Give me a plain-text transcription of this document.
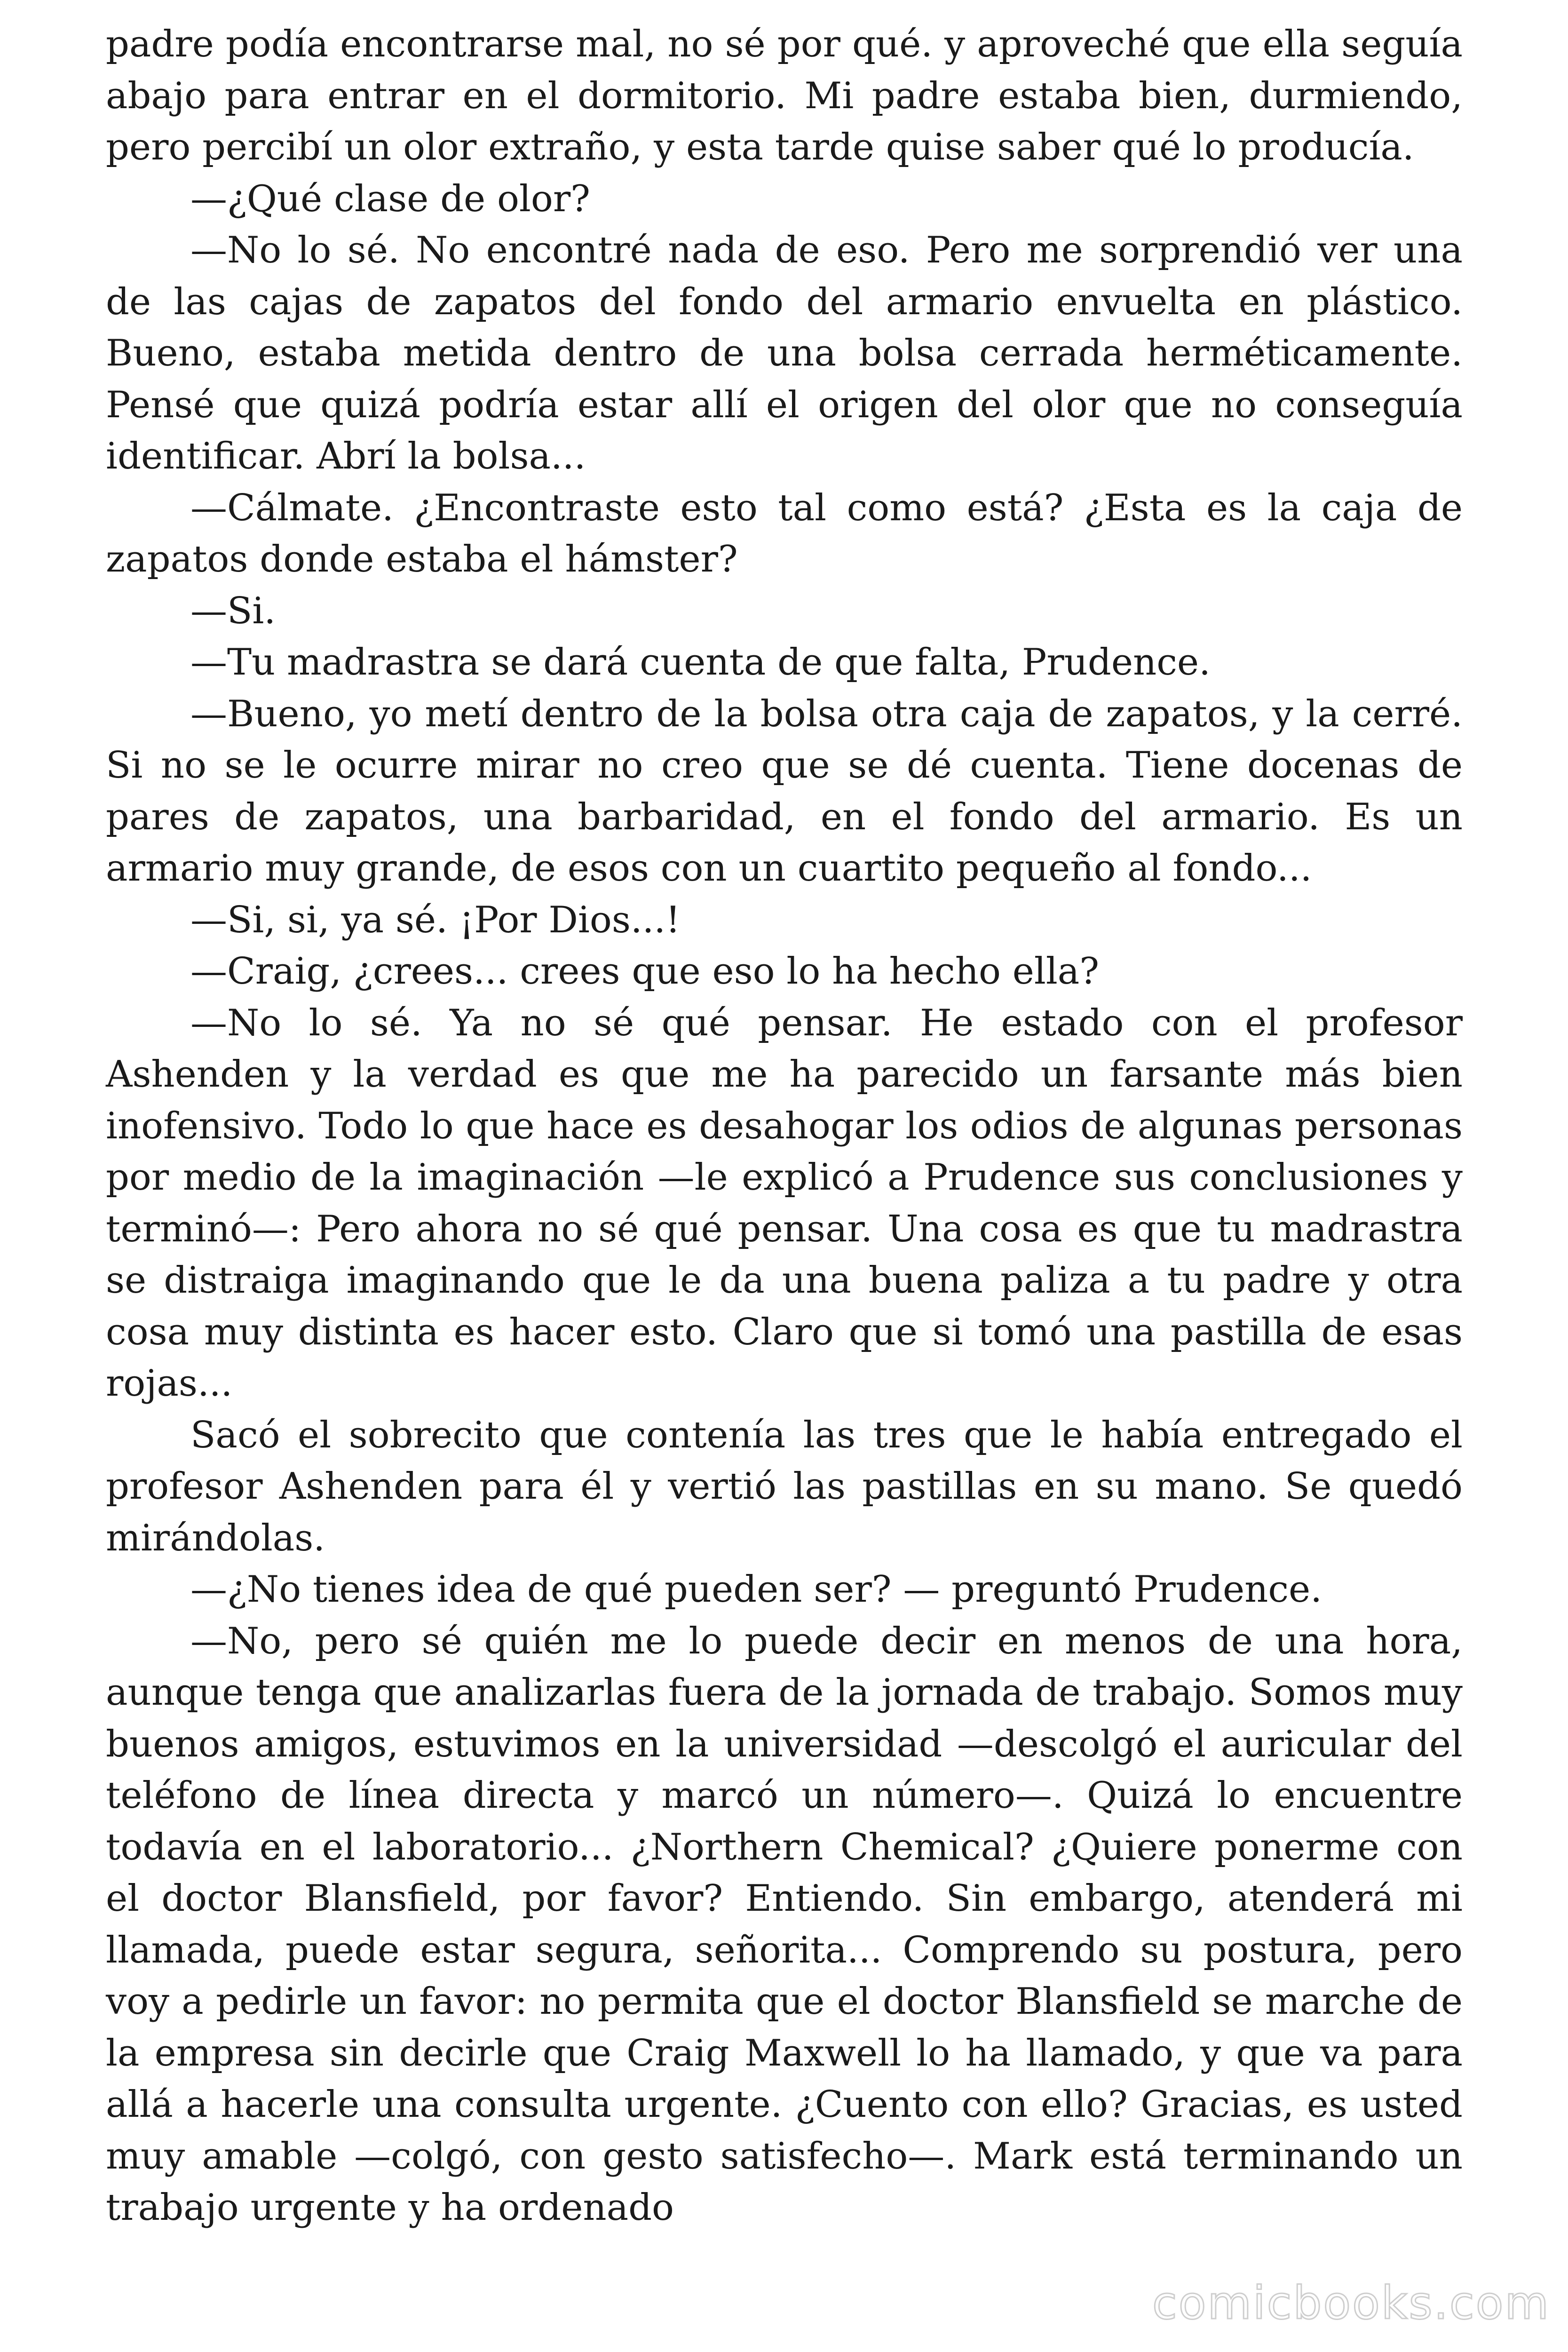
padre podía encontrarse mal, no sé por qué. y aproveché que ella seguía abajo para entrar en el dormitorio. Mi padre estaba bien, durmiendo, pero percibí un olor extraño, y esta tarde quise saber qué lo producía.

—¿Qué clase de olor?

—No lo sé. No encontré nada de eso. Pero me sorprendió ver una de las cajas de zapatos del fondo del armario envuelta en plástico. Bueno, estaba metida dentro de una bolsa cerrada herméticamente. Pensé que quizá podría estar allí el origen del olor que no conseguía identificar. Abrí la bolsa...

—Cálmate. ¿Encontraste esto tal como está? ¿Esta es la caja de zapatos donde estaba el hámster?

—Si.

—Tu madrastra se dará cuenta de que falta, Prudence.

—Bueno, yo metí dentro de la bolsa otra caja de zapatos, y la cerré. Si no se le ocurre mirar no creo que se dé cuenta. Tiene docenas de pares de zapatos, una barbaridad, en el fondo del armario. Es un armario muy grande, de esos con un cuartito pequeño al fondo...

—Si, si, ya sé. ¡Por Dios...!

—Craig, ¿crees... crees que eso lo ha hecho ella?

—No lo sé. Ya no sé qué pensar. He estado con el profesor Ashenden y la verdad es que me ha parecido un farsante más bien inofensivo. Todo lo que hace es desahogar los odios de algunas personas por medio de la imaginación —le explicó a Prudence sus conclusiones y terminó—: Pero ahora no sé qué pensar. Una cosa es que tu madrastra se distraiga imaginando que le da una buena paliza a tu padre y otra cosa muy distinta es hacer esto. Claro que si tomó una pastilla de esas rojas...

Sacó el sobrecito que contenía las tres que le había entregado el profesor Ashenden para él y vertió las pastillas en su mano. Se quedó mirándolas.

—¿No tienes idea de qué pueden ser? — preguntó Prudence.

—No, pero sé quién me lo puede decir en menos de una hora, aunque tenga que analizarlas fuera de la jornada de trabajo. Somos muy buenos amigos, estuvimos en la universidad —descolgó el auricular del teléfono de línea directa y marcó un número—. Quizá lo encuentre todavía en el laboratorio... ¿Northern Chemical? ¿Quiere ponerme con el doctor Blansfield, por favor? Entiendo. Sin embargo, atenderá mi llamada, puede estar segura, señorita... Comprendo su postura, pero voy a pedirle un favor: no permita que el doctor Blansfield se marche de la empresa sin decirle que Craig Maxwell lo ha llamado, y que va para allá a hacerle una consulta urgente. ¿Cuento con ello? Gracias, es usted muy amable —colgó, con gesto satisfecho—. Mark está terminando un trabajo urgente y ha ordenado

comicbooks.com
